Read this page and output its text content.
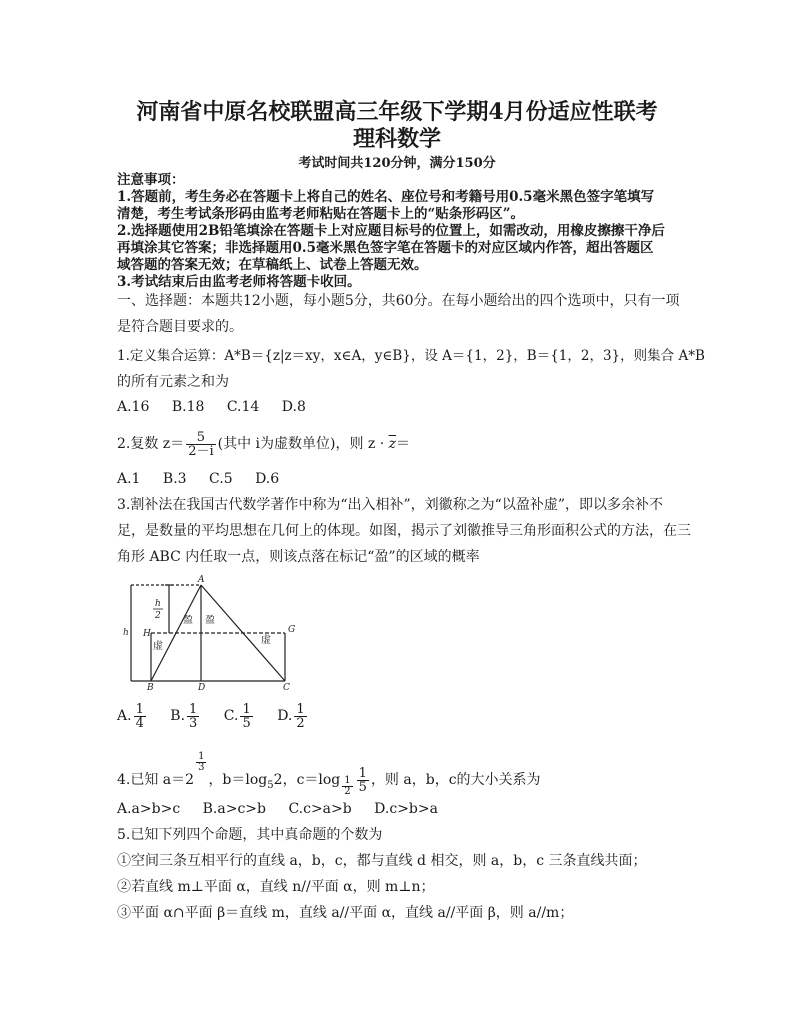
河南省中原名校联盟高三年级下学期4月份适应性联考
理科数学
考试时间共120分钟，满分150分
注意事项：
1.答题前，考生务必在答题卡上将自己的姓名、座位号和考籍号用0.5毫米黑色签字笔填写
清楚，考生考试条形码由监考老师粘贴在答题卡上的“贴条形码区”。
2.选择题使用2B铅笔填涂在答题卡上对应题目标号的位置上，如需改动，用橡皮擦擦干净后
再填涂其它答案；非选择题用0.5毫米黑色签字笔在答题卡的对应区域内作答，超出答题区
域答题的答案无效；在草稿纸上、试卷上答题无效。
3.考试结束后由监考老师将答题卡收回。
一、选择题：本题共12小题，每小题5分，共60分。在每小题给出的四个选项中，只有一项
是符合题目要求的。
1.定义集合运算：A*B＝{z|z＝xy，x∈A，y∈B}，设 A＝{1，2}，B＝{1，2，3}，则集合 A*B
的所有元素之和为
A.16 B.18 C.14 D.8
2.复数 $z= \frac{5}{2-i}$ (其中 i为虚数单位)，则 $z \cdot \overline{z}=$
A.1 B.3 C.5 D.6
3.割补法在我国古代数学著作中称为“出入相补”，刘徽称之为“以盈补虚”，即以多余补不
足，是数量的平均思想在几何上的体现。如图，揭示了刘徽推导三角形面积公式的方法，在三
角形 ABC 内任取一点，则该点落在标记“盈”的区域的概率
A
B	C
D
H	G
h
h
2 盈 盈
虚
虚
A. $\frac{1}{4} B$. $\frac{1}{3} C$. $\frac{1}{5} D$. $\frac{1}{2}$
4.已知 a＝2
$\frac{1}{3}$
，$b=\log_52$，$c=\log \frac{1}{2} \frac{1}{5}$ ，则 a，b，c的大小关系为
A.a>b>c B.a>c>b C.c>a>b D.c>b>a
5.已知下列四个命题，其中真命题的个数为
①空间三条互相平行的直线 a，b，c，都与直线 d 相交，则 a，b，c 三条直线共面；
②若直线 m⊥平面 α，直线 n//平面 α，则 m⊥n；
③平面 α∩平面 β＝直线 m，直线 a//平面 α，直线 a//平面 β，则 a//m；
